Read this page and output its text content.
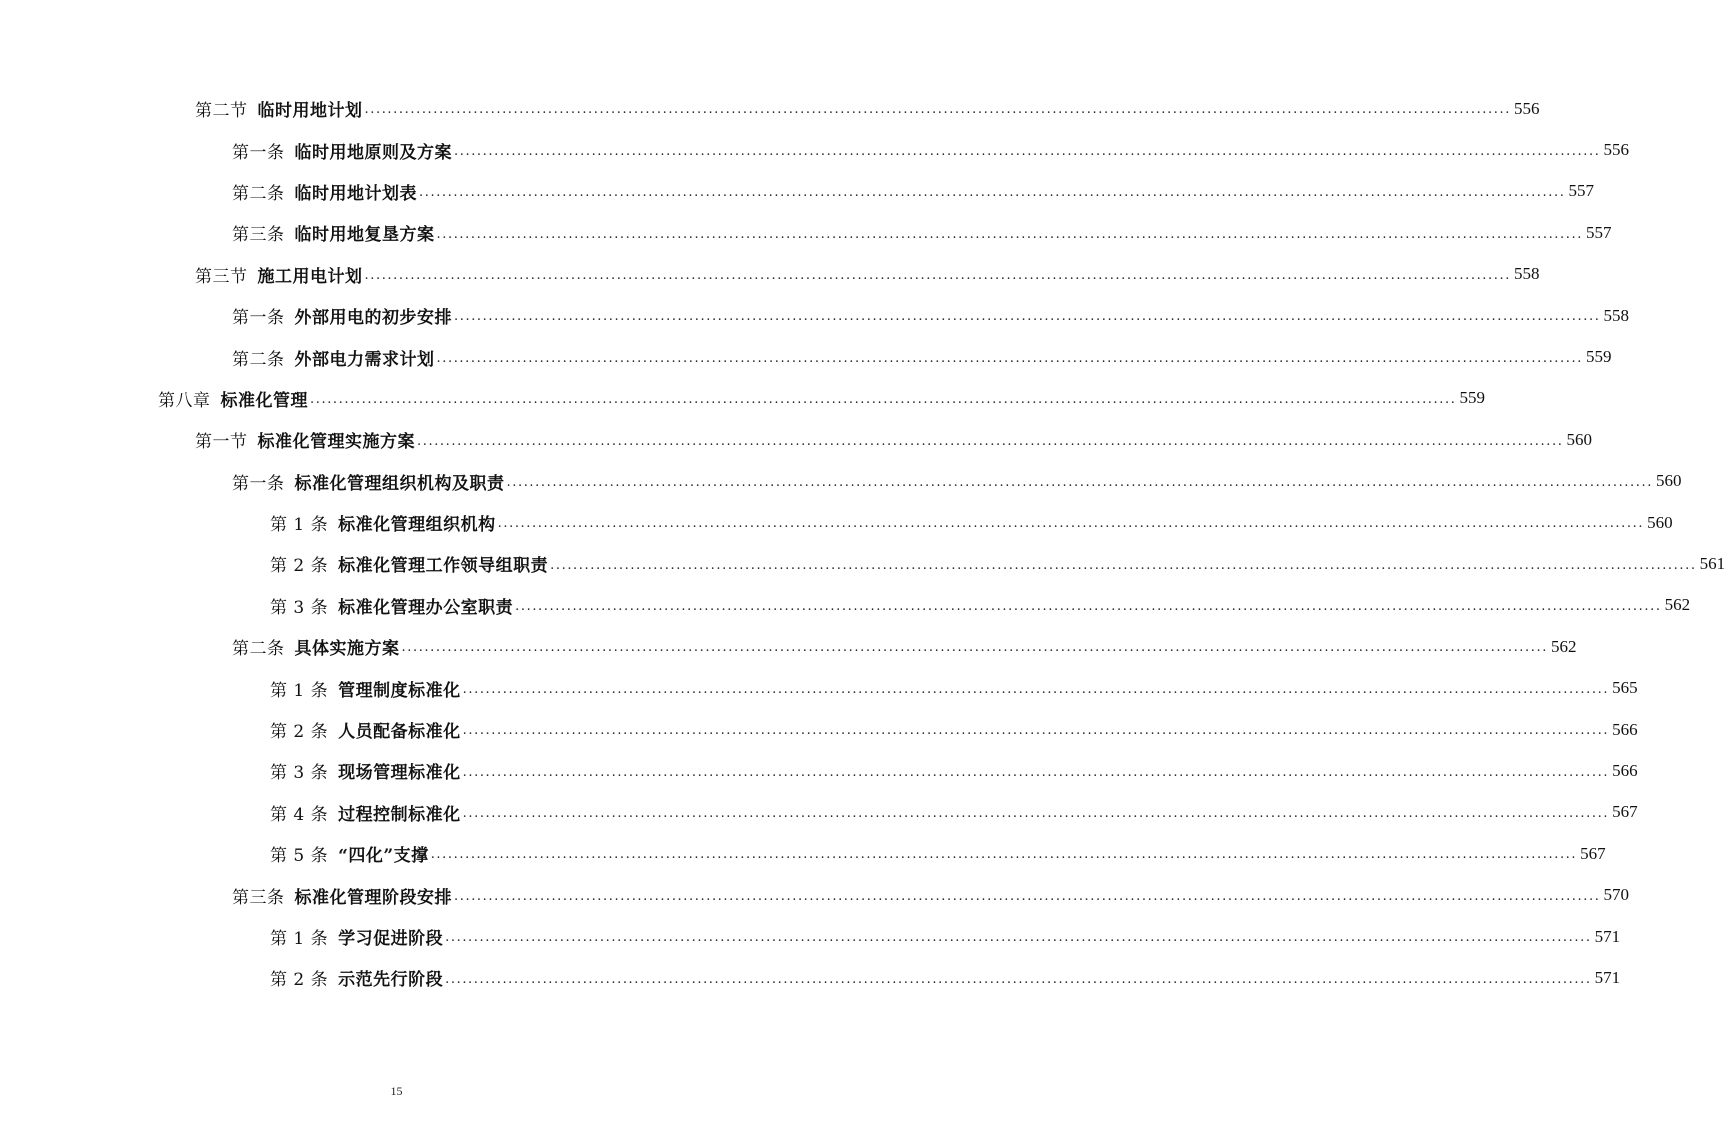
第二节 临时用地计划 ........................................................................................................................................................................................................ 556
第一条 临时用地原则及方案 ........................................................................................................................................................................................................ 556
第二条 临时用地计划表 ........................................................................................................................................................................................................ 557
第三条 临时用地复垦方案 ........................................................................................................................................................................................................ 557
第三节 施工用电计划 ........................................................................................................................................................................................................ 558
第一条 外部用电的初步安排 ........................................................................................................................................................................................................ 558
第二条 外部电力需求计划 ........................................................................................................................................................................................................ 559
第八章 标准化管理 ........................................................................................................................................................................................................ 559
第一节 标准化管理实施方案 ........................................................................................................................................................................................................ 560
第一条 标准化管理组织机构及职责 ........................................................................................................................................................................................................ 560
第 1 条 标准化管理组织机构 ........................................................................................................................................................................................................ 560
第 2 条 标准化管理工作领导组职责 ........................................................................................................................................................................................................ 561
第 3 条 标准化管理办公室职责 ........................................................................................................................................................................................................ 562
第二条 具体实施方案 ........................................................................................................................................................................................................ 562
第 1 条 管理制度标准化 ........................................................................................................................................................................................................ 565
第 2 条 人员配备标准化 ........................................................................................................................................................................................................ 566
第 3 条 现场管理标准化 ........................................................................................................................................................................................................ 566
第 4 条 过程控制标准化 ........................................................................................................................................................................................................ 567
第 5 条 “四化”支撑 ........................................................................................................................................................................................................ 567
第三条 标准化管理阶段安排 ........................................................................................................................................................................................................ 570
第 1 条 学习促进阶段 ........................................................................................................................................................................................................ 571
第 2 条 示范先行阶段 ........................................................................................................................................................................................................ 571
15
